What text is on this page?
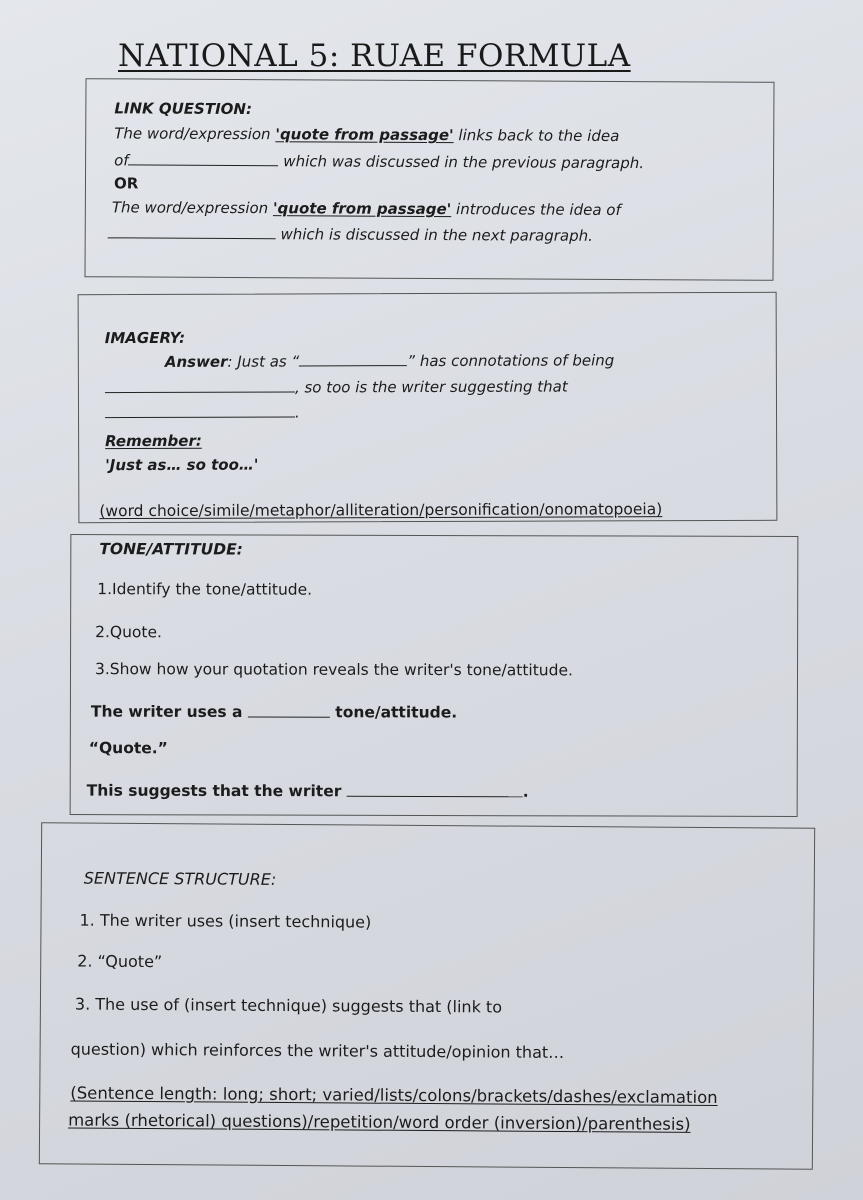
NATIONAL 5: RUAE FORMULA
LINK QUESTION:
The word/expression 'quote from passage' links back to the idea
of	which was discussed in the previous paragraph.
OR
The word/expression 'quote from passage' introduces the idea of
which is discussed in the next paragraph.
IMAGERY:
Answer: Just as “	” has connotations of being
, so too is the writer suggesting that
.
Remember:
'Just as… so too…'
(word choice/simile/metaphor/alliteration/personification/onomatopoeia)
TONE/ATTITUDE:
1.Identify the tone/attitude.
2.Quote.
3.Show how your quotation reveals the writer's tone/attitude.
The writer uses a	tone/attitude.
“Quote.”
This suggests that the writer	.
SENTENCE STRUCTURE:
1. The writer uses (insert technique)
2. “Quote”
3. The use of (insert technique) suggests that (link to
question) which reinforces the writer's attitude/opinion that…
(Sentence length: long; short; varied/lists/colons/brackets/dashes/exclamation
marks (rhetorical) questions)/repetition/word order (inversion)/parenthesis)
